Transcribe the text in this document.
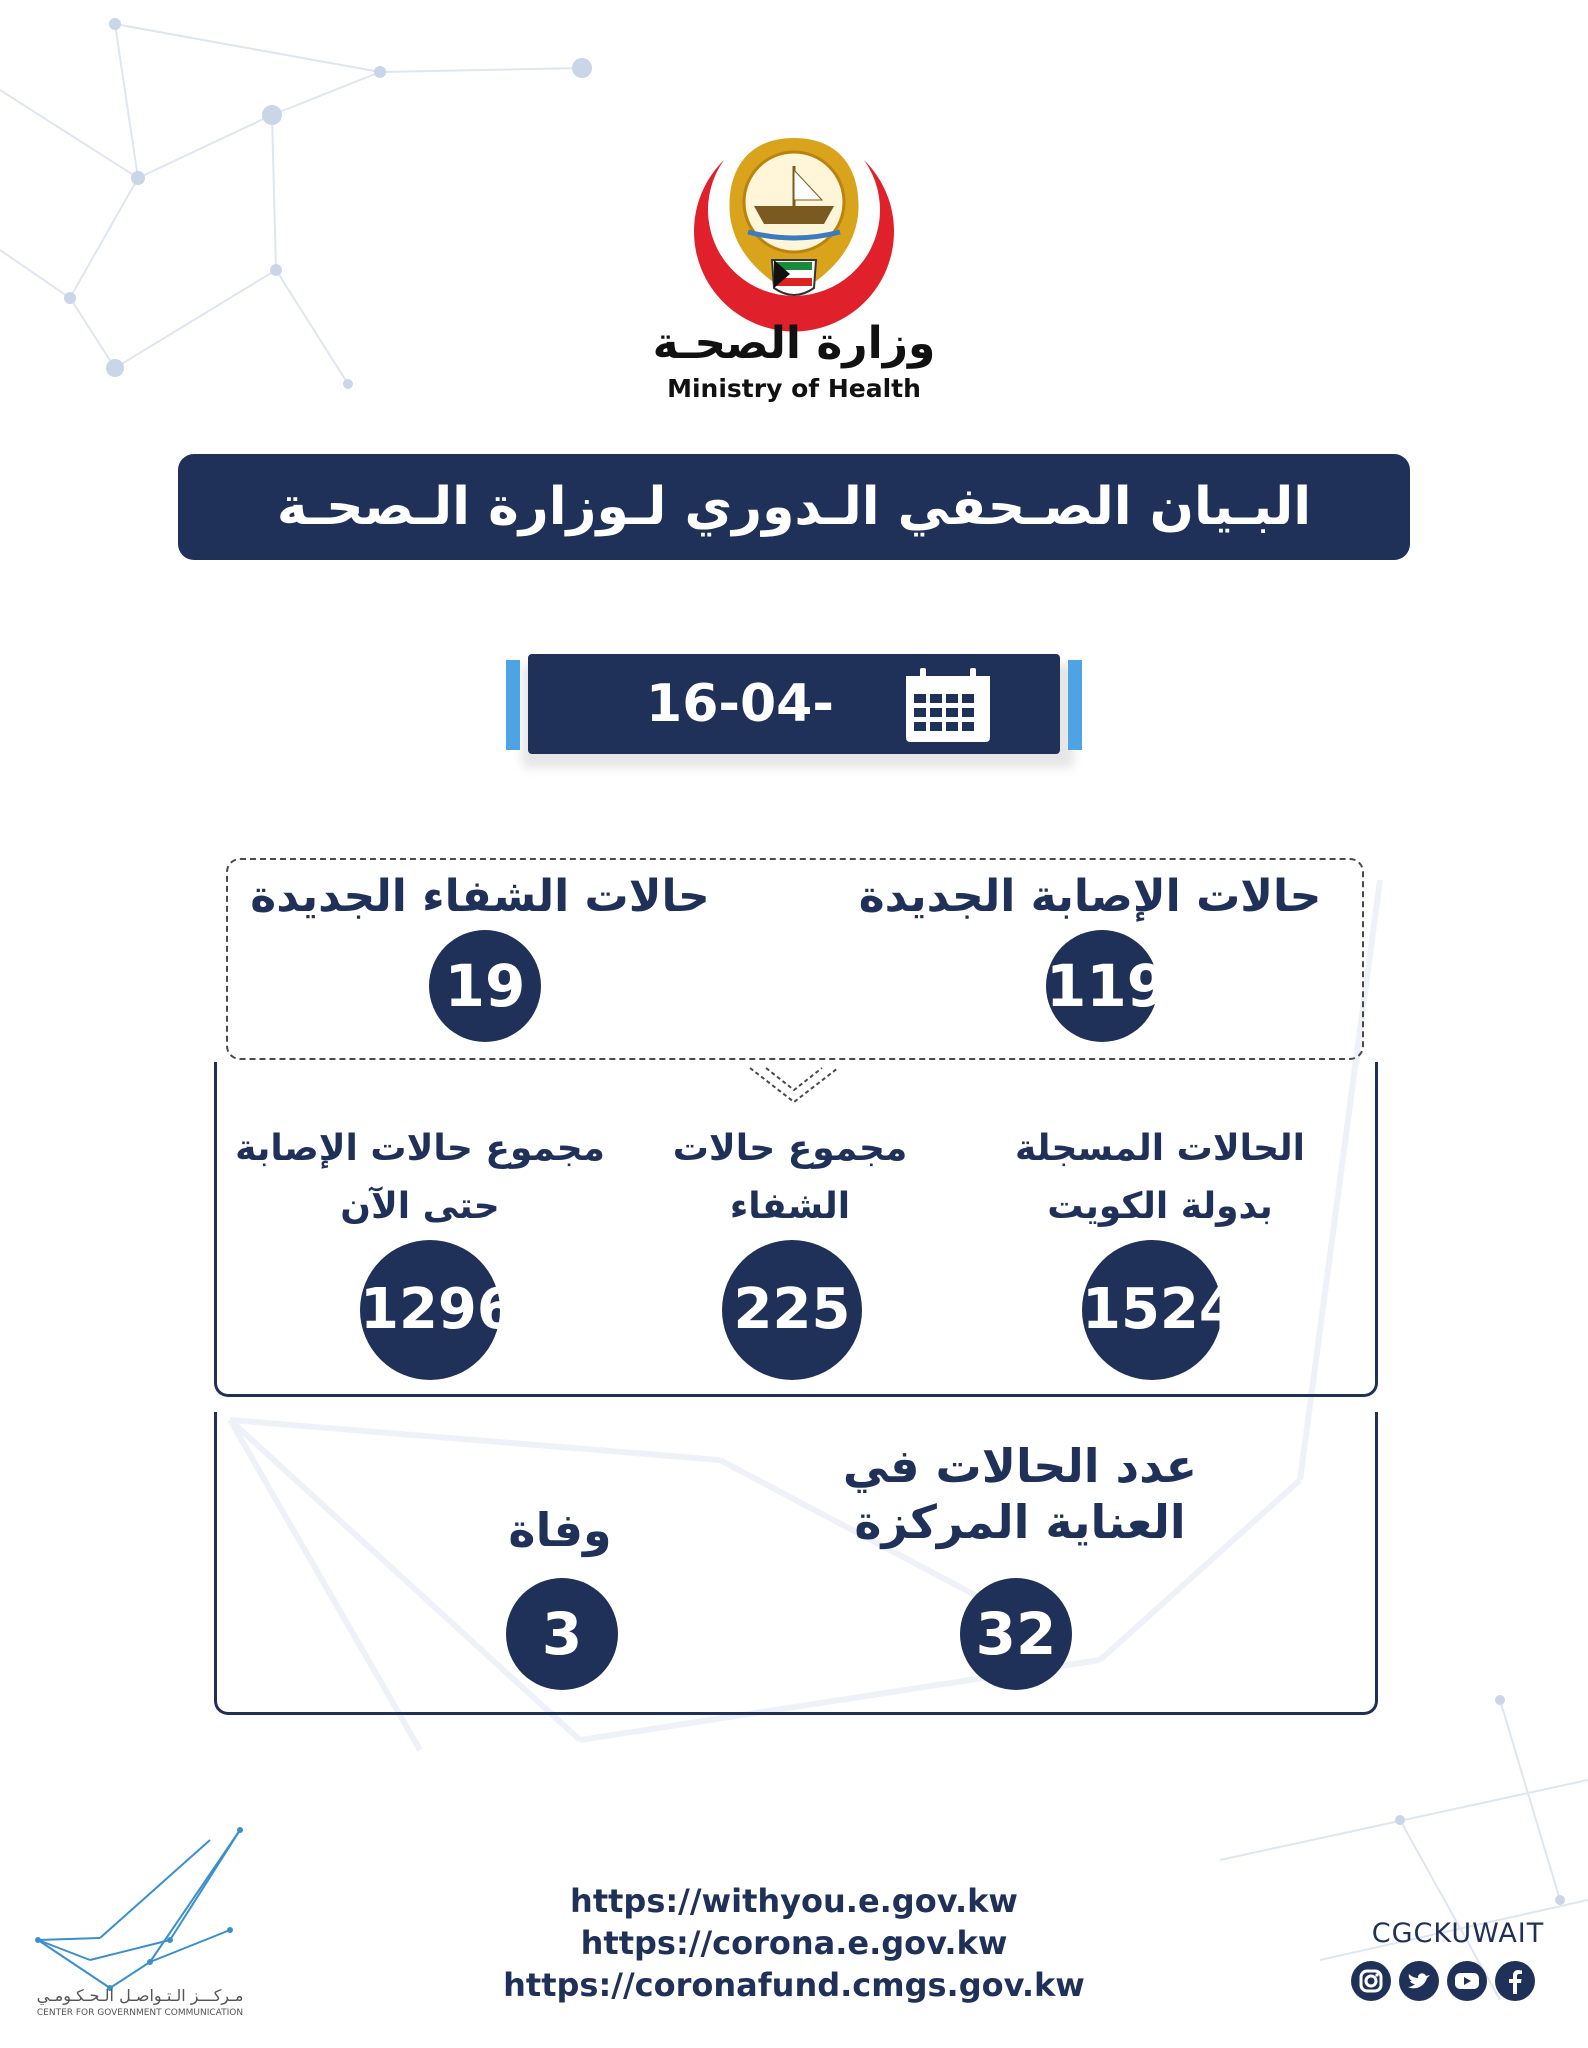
وزارة الصحـة
Ministry of Health
البـيان الصـحفي الـدوري لـوزارة الـصحـة
16-04-2020
حالات الإصابة الجديدة
119
حالات الشفاء الجديدة
19
الحالات المسجلة
بدولة الكويت
1524
مجموع حالات
الشفاء
225
مجموع حالات الإصابة
حتى الآن
1296
عدد الحالات في
العناية المركزة
32
وفاة
3
https://withyou.e.gov.kw
https://corona.e.gov.kw
https://coronafund.cmgs.gov.kw
مـركـــز الـتـواصـل الـحـكـومـي
CENTER FOR GOVERNMENT COMMUNICATION
CGCKUWAIT
